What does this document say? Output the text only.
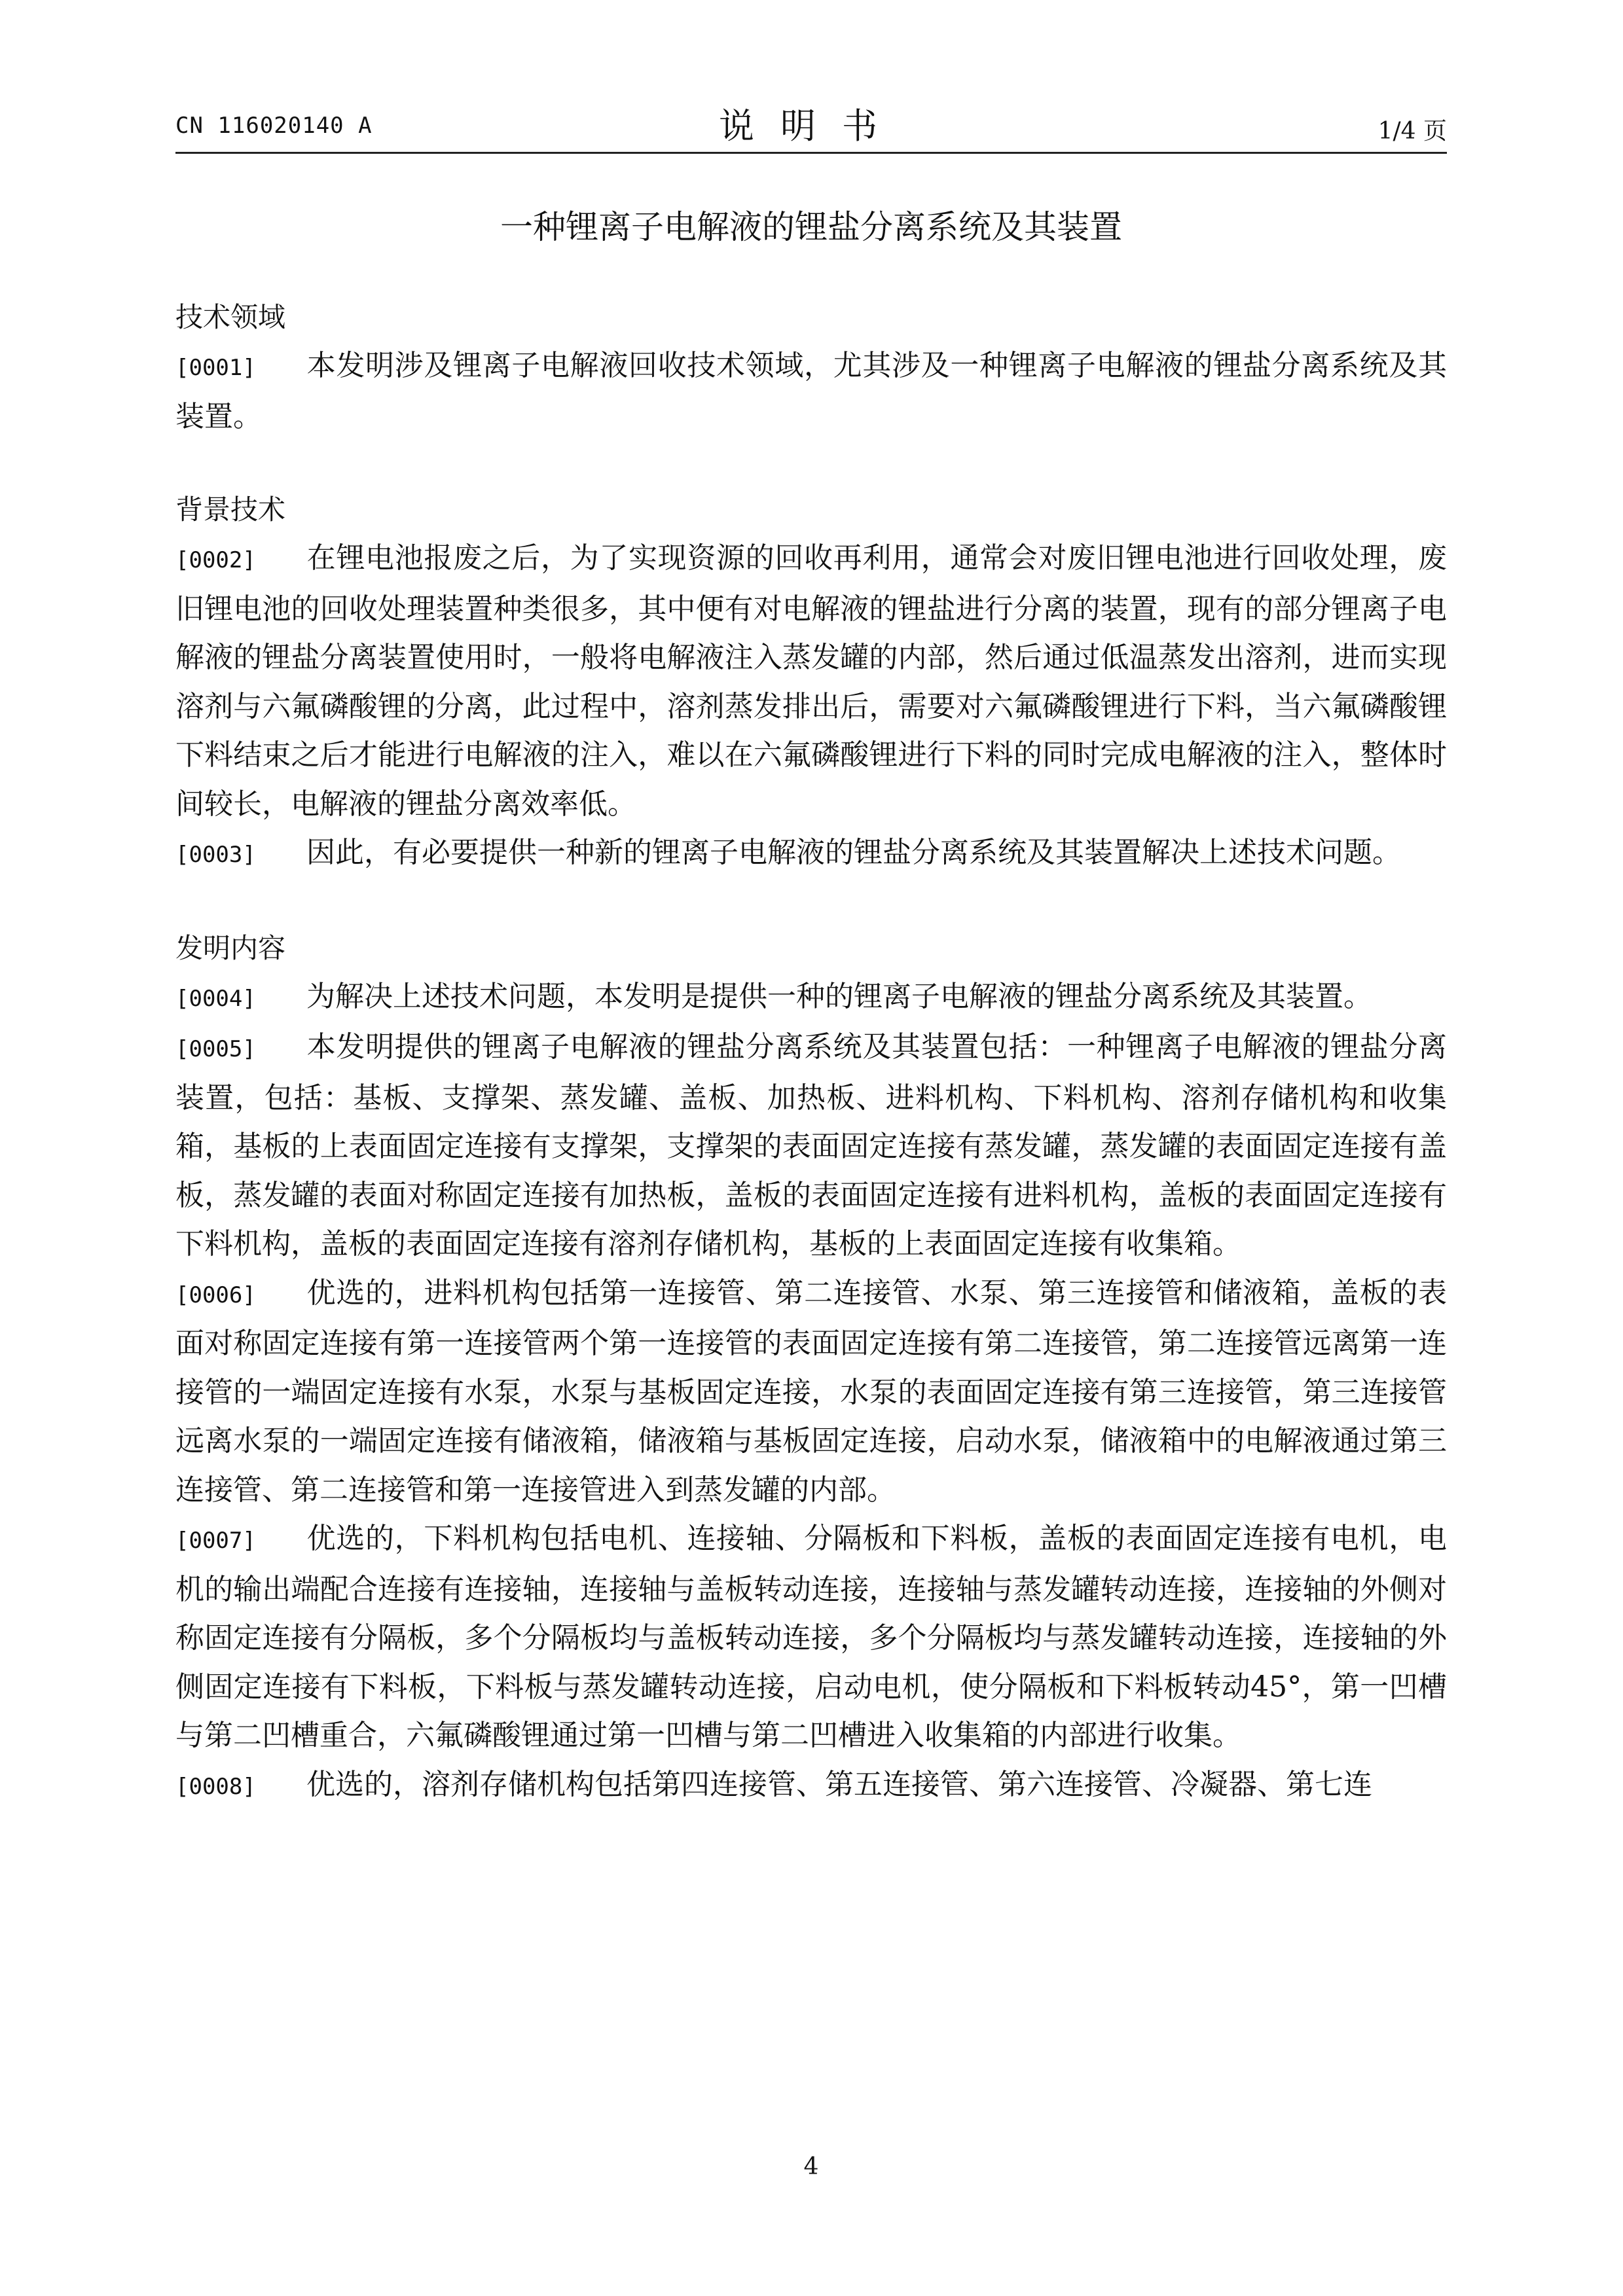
CN 116020140 A	说明书	1/4 页
一种锂离子电解液的锂盐分离系统及其装置
技术领域

[0001] 本发明涉及锂离子电解液回收技术领域，尤其涉及一种锂离子电解液的锂盐分离系统及其装置。

背景技术

[0002] 在锂电池报废之后，为了实现资源的回收再利用，通常会对废旧锂电池进行回收处理，废旧锂电池的回收处理装置种类很多，其中便有对电解液的锂盐进行分离的装置，现有的部分锂离子电解液的锂盐分离装置使用时，一般将电解液注入蒸发罐的内部，然后通过低温蒸发出溶剂，进而实现溶剂与六氟磷酸锂的分离，此过程中，溶剂蒸发排出后，需要对六氟磷酸锂进行下料，当六氟磷酸锂下料结束之后才能进行电解液的注入，难以在六氟磷酸锂进行下料的同时完成电解液的注入，整体时间较长，电解液的锂盐分离效率低。

[0003] 因此，有必要提供一种新的锂离子电解液的锂盐分离系统及其装置解决上述技术问题。

发明内容

[0004] 为解决上述技术问题，本发明是提供一种的锂离子电解液的锂盐分离系统及其装置。

[0005] 本发明提供的锂离子电解液的锂盐分离系统及其装置包括：一种锂离子电解液的锂盐分离装置，包括：基板、支撑架、蒸发罐、盖板、加热板、进料机构、下料机构、溶剂存储机构和收集箱，基板的上表面固定连接有支撑架，支撑架的表面固定连接有蒸发罐，蒸发罐的表面固定连接有盖板，蒸发罐的表面对称固定连接有加热板，盖板的表面固定连接有进料机构，盖板的表面固定连接有下料机构，盖板的表面固定连接有溶剂存储机构，基板的上表面固定连接有收集箱。

[0006] 优选的，进料机构包括第一连接管、第二连接管、水泵、第三连接管和储液箱，盖板的表面对称固定连接有第一连接管两个第一连接管的表面固定连接有第二连接管，第二连接管远离第一连接管的一端固定连接有水泵，水泵与基板固定连接，水泵的表面固定连接有第三连接管，第三连接管远离水泵的一端固定连接有储液箱，储液箱与基板固定连接，启动水泵，储液箱中的电解液通过第三连接管、第二连接管和第一连接管进入到蒸发罐的内部。

[0007] 优选的，下料机构包括电机、连接轴、分隔板和下料板，盖板的表面固定连接有电机，电机的输出端配合连接有连接轴，连接轴与盖板转动连接，连接轴与蒸发罐转动连接，连接轴的外侧对称固定连接有分隔板，多个分隔板均与盖板转动连接，多个分隔板均与蒸发罐转动连接，连接轴的外侧固定连接有下料板，下料板与蒸发罐转动连接，启动电机，使分隔板和下料板转动45°，第一凹槽与第二凹槽重合，六氟磷酸锂通过第一凹槽与第二凹槽进入收集箱的内部进行收集。

[0008] 优选的，溶剂存储机构包括第四连接管、第五连接管、第六连接管、冷凝器、第七连

4
